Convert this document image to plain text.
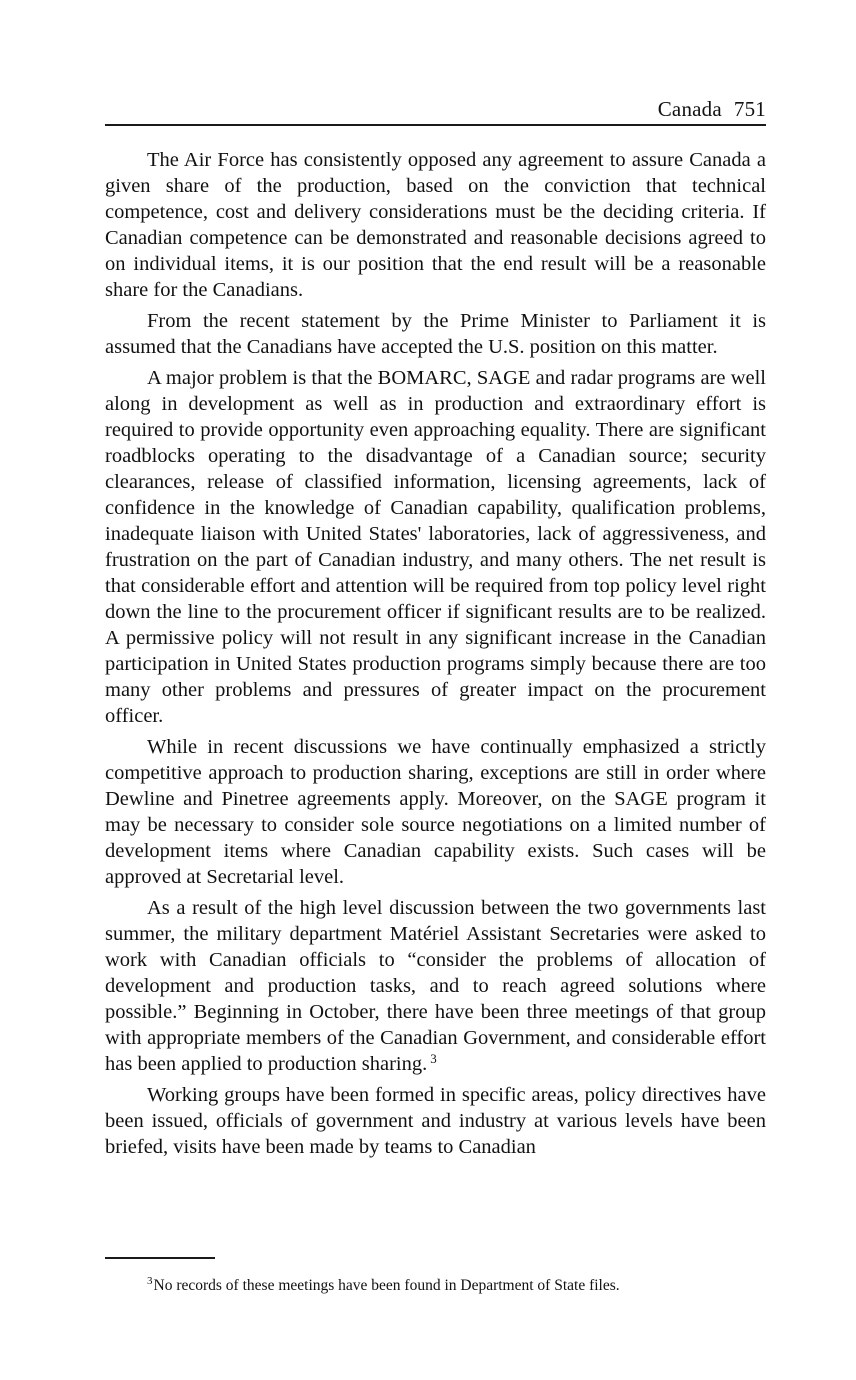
Canada 751

The Air Force has consistently opposed any agreement to assure Canada a given share of the production, based on the conviction that technical competence, cost and delivery considerations must be the deciding criteria. If Canadian competence can be demonstrated and reasonable decisions agreed to on individual items, it is our position that the end result will be a reasonable share for the Canadians.

From the recent statement by the Prime Minister to Parliament it is assumed that the Canadians have accepted the U.S. position on this matter.

A major problem is that the BOMARC, SAGE and radar programs are well along in development as well as in production and extraordinary effort is required to provide opportunity even approaching equality. There are significant roadblocks operating to the disadvantage of a Canadian source; security clearances, release of classified information, licensing agreements, lack of confidence in the knowledge of Canadian capability, qualification problems, inadequate liaison with United States' laboratories, lack of aggressiveness, and frustration on the part of Canadian industry, and many others. The net result is that considerable effort and attention will be required from top policy level right down the line to the procurement officer if significant results are to be realized. A permissive policy will not result in any significant increase in the Canadian participation in United States production programs simply because there are too many other problems and pressures of greater impact on the procurement officer.

While in recent discussions we have continually emphasized a strictly competitive approach to production sharing, exceptions are still in order where Dewline and Pinetree agreements apply. Moreover, on the SAGE program it may be necessary to consider sole source negotiations on a limited number of development items where Canadian capability exists. Such cases will be approved at Secretarial level.

As a result of the high level discussion between the two governments last summer, the military department Matériel Assistant Secretaries were asked to work with Canadian officials to “consider the problems of allocation of development and production tasks, and to reach agreed solutions where possible.” Beginning in October, there have been three meetings of that group with appropriate members of the Canadian Government, and considerable effort has been applied to production sharing. $^3$

Working groups have been formed in specific areas, policy directives have been issued, officials of government and industry at various levels have been briefed, visits have been made by teams to Canadian

$^3$No records of these meetings have been found in Department of State files.
